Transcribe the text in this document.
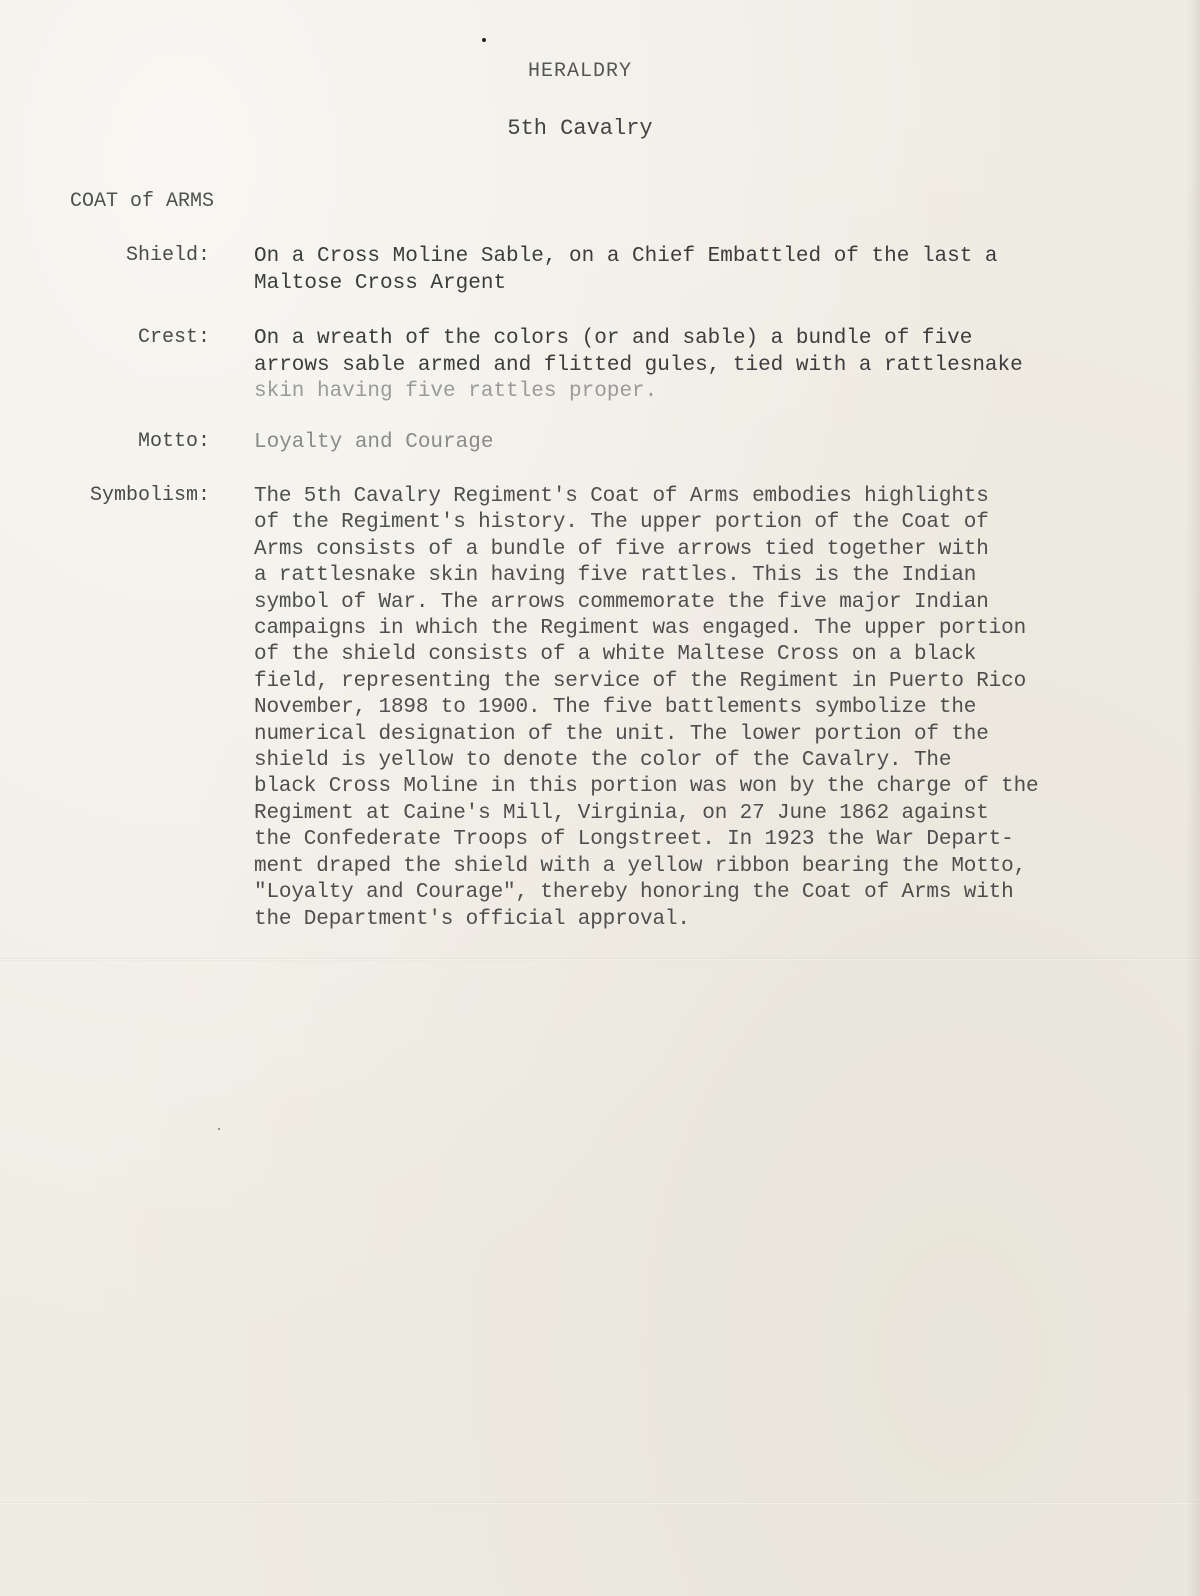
HERALDRY
5th Cavalry
COAT of ARMS
Shield: On a Cross Moline Sable, on a Chief Embattled of the last a
Maltose Cross Argent
Crest: On a wreath of the colors (or and sable) a bundle of five
arrows sable armed and flitted gules, tied with a rattlesnake
skin having five rattles proper.
Motto: Loyalty and Courage
Symbolism: The 5th Cavalry Regiment's Coat of Arms embodies highlights
of the Regiment's history. The upper portion of the Coat of
Arms consists of a bundle of five arrows tied together with
a rattlesnake skin having five rattles. This is the Indian
symbol of War. The arrows commemorate the five major Indian
campaigns in which the Regiment was engaged. The upper portion
of the shield consists of a white Maltese Cross on a black
field, representing the service of the Regiment in Puerto Rico
November, 1898 to 1900. The five battlements symbolize the
numerical designation of the unit. The lower portion of the
shield is yellow to denote the color of the Cavalry. The
black Cross Moline in this portion was won by the charge of the
Regiment at Caine's Mill, Virginia, on 27 June 1862 against
the Confederate Troops of Longstreet. In 1923 the War Depart-
ment draped the shield with a yellow ribbon bearing the Motto,
"Loyalty and Courage", thereby honoring the Coat of Arms with
the Department's official approval.
